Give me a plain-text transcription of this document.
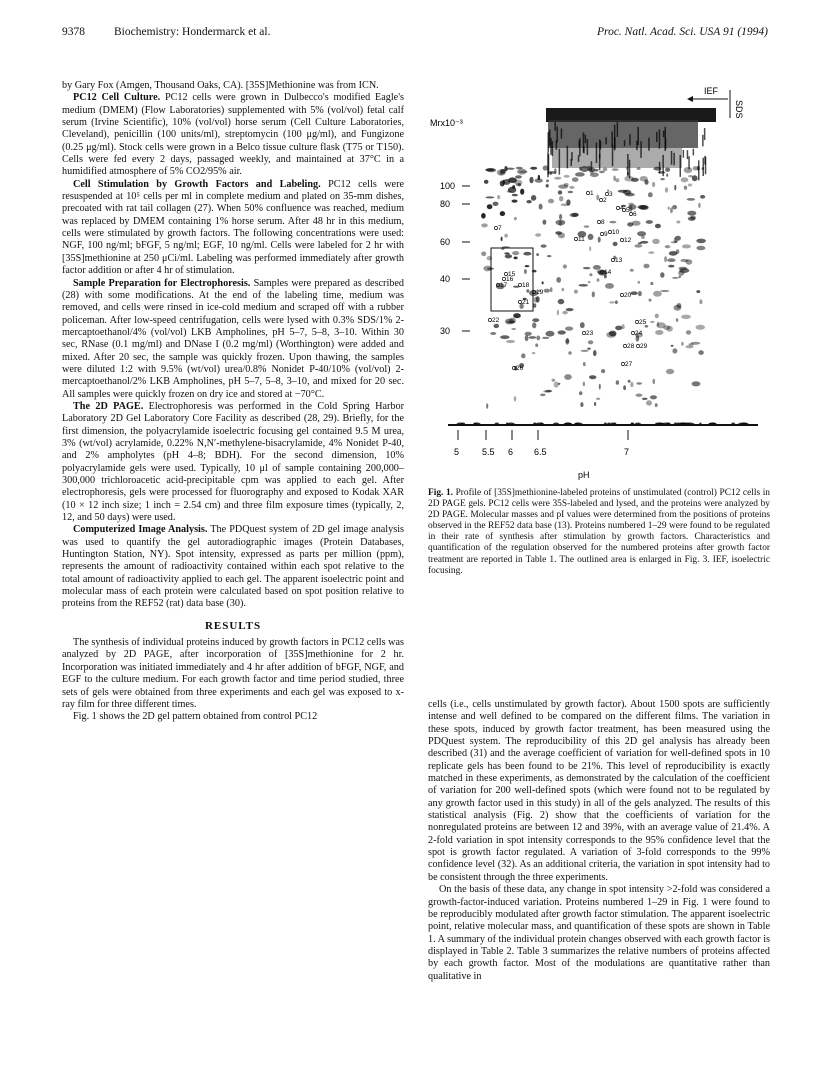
9378	Biochemistry: Hondermarck et al.	Proc. Natl. Acad. Sci. USA 91 (1994)

by Gary Fox (Amgen, Thousand Oaks, CA). [35S]Methionine was from ICN.

PC12 Cell Culture. PC12 cells were grown in Dulbecco's modified Eagle's medium (DMEM) (Flow Laboratories) supplemented with 5% (vol/vol) fetal calf serum (Irvine Scientific), 10% (vol/vol) horse serum (Cell Culture Laboratories, Cleveland), penicillin (100 units/ml), streptomycin (100 μg/ml), and Fungizone (0.25 μg/ml). Stock cells were grown in a Belco tissue culture flask (T75 or T150). Cells were fed every 2 days, passaged weekly, and maintained at 37°C in a humidified atmosphere of 5% CO2/95% air.

Cell Stimulation by Growth Factors and Labeling. PC12 cells were resuspended at 10⁵ cells per ml in complete medium and plated on 35-mm dishes, precoated with rat tail collagen (27). When 50% confluence was reached, medium was replaced by DMEM containing 1% horse serum. After 48 hr in this medium, cells were stimulated by growth factors. The following concentrations were used: NGF, 100 ng/ml; bFGF, 5 ng/ml; EGF, 10 ng/ml. Cells were labeled for 2 hr with [35S]methionine at 250 μCi/ml. Labeling was performed immediately after growth factor addition or after 4 hr of stimulation.

Sample Preparation for Electrophoresis. Samples were prepared as described (28) with some modifications. At the end of the labeling time, medium was removed, and cells were rinsed in ice-cold medium and scraped off with a rubber policeman. After low-speed centrifugation, cells were lysed with 0.3% SDS/1% 2-mercaptoethanol/4% (vol/vol) LKB Ampholines, pH 5–7, 5–8, 3–10. Within 30 sec, RNase (0.1 mg/ml) and DNase I (0.2 mg/ml) (Worthington) were added and mixed. After 20 sec, the sample was quickly frozen. Upon thawing, the samples were diluted 1:2 with 9.5% (wt/vol) urea/0.8% Nonidet P-40/10% (vol/vol) 2-mercaptoethanol/2% LKB Ampholines, pH 5–7, 5–8, 3–10, and mixed for 20 sec. All samples were quickly frozen on dry ice and stored at −70°C.

The 2D PAGE. Electrophoresis was performed in the Cold Spring Harbor Laboratory 2D Gel Laboratory Core Facility as described (28, 29). Briefly, for the first dimension, the polyacrylamide isoelectric focusing gel contained 9.5 M urea, 3% (wt/vol) acrylamide, 0.22% N,N′-methylene-bisacrylamide, 4% Nonidet P-40, and 2% ampholytes (pH 4–8; BDH). For the second dimension, 10% polyacrylamide gels were used. Typically, 10 μl of sample containing 200,000–300,000 trichloroacetic acid-precipitable cpm was applied to each gel. After electrophoresis, gels were processed for fluorography and exposed to Kodak XAR (10 × 12 inch size; 1 inch = 2.54 cm) and three film exposure times (typically, 2, 12, and 50 days) were used.

Computerized Image Analysis. The PDQuest system of 2D gel image analysis was used to quantify the gel autoradiographic images (Protein Databases, Huntington Station, NY). Spot intensity, expressed as parts per million (ppm), represents the amount of radioactivity contained within each spot relative to the total amount of radioactivity applied to each gel. The apparent isoelectric point and molecular mass of each protein were calculated based on spot position relative to proteins from the REF52 (rat) data base (30).

RESULTS

The synthesis of individual proteins induced by growth factors in PC12 cells was analyzed by 2D PAGE, after incorporation of [35S]methionine for 2 hr. Incorporation was initiated immediately and 4 hr after addition of bFGF, NGF, and EGF to the culture medium. For each growth factor and time period studied, three sets of gels were obtained from three experiments and each gel was exposed to x-ray film for three different times.

Fig. 1 shows the 2D gel pattern obtained from control PC12

IEF
SDS
Mrx10⁻³
100
80
60
40
30
1
2
3
4 5
6
7
8
9 10
11	12
13
14
15
16
17 18
19	20
21
22
23	24
25
26
27
28 29
5	5.5 6 6.5	7
pH
Fig. 1. Profile of [35S]methionine-labeled proteins of unstimulated (control) PC12 cells in 2D PAGE gels. PC12 cells were 35S-labeled and lysed, and the proteins were analyzed by 2D PAGE. Molecular masses and pI values were determined from the positions of proteins observed in the REF52 data base (13). Proteins numbered 1–29 were found to be regulated in their rate of synthesis after stimulation by growth factors. Characteristics and quantification of the regulation observed for the numbered proteins after growth factor treatment are reported in Table 1. The outlined area is enlarged in Fig. 3. IEF, isoelectric focusing.

cells (i.e., cells unstimulated by growth factor). About 1500 spots are sufficiently intense and well defined to be compared on the different films. The variation in these spots, induced by growth factor treatment, has been measured using the PDQuest system. The reproducibility of this 2D gel analysis has already been described (31) and the average coefficient of variation for well-defined spots in 10 replicate gels has been found to be 21%. This level of reproducibility is exactly matched in these experiments, as demonstrated by the calculation of the coefficient of variation for 200 well-defined spots (which were found not to be regulated by any growth factor used in this study) in all of the gels analyzed. The results of this statistical analysis (Fig. 2) show that the coefficients of variation for the nonregulated proteins are between 12 and 39%, with an average value of 21.4%. A 2-fold variation in spot intensity corresponds to the 95% confidence level that the spot is growth factor regulated. A variation of 3-fold corresponds to the 99% confidence level (32). As an additional criteria, the variation in spot intensity had to be consistent through the three experiments.

On the basis of these data, any change in spot intensity >2-fold was considered a growth-factor-induced variation. Proteins numbered 1–29 in Fig. 1 were found to be reproducibly modulated after growth factor stimulation. The apparent isoelectric point, relative molecular mass, and quantification of these spots are shown in Table 1. A summary of the individual protein changes observed with each growth factor is displayed in Table 2. Table 3 summarizes the relative numbers of proteins affected by each growth factor. Most of the modulations are quantitative rather than qualitative in
